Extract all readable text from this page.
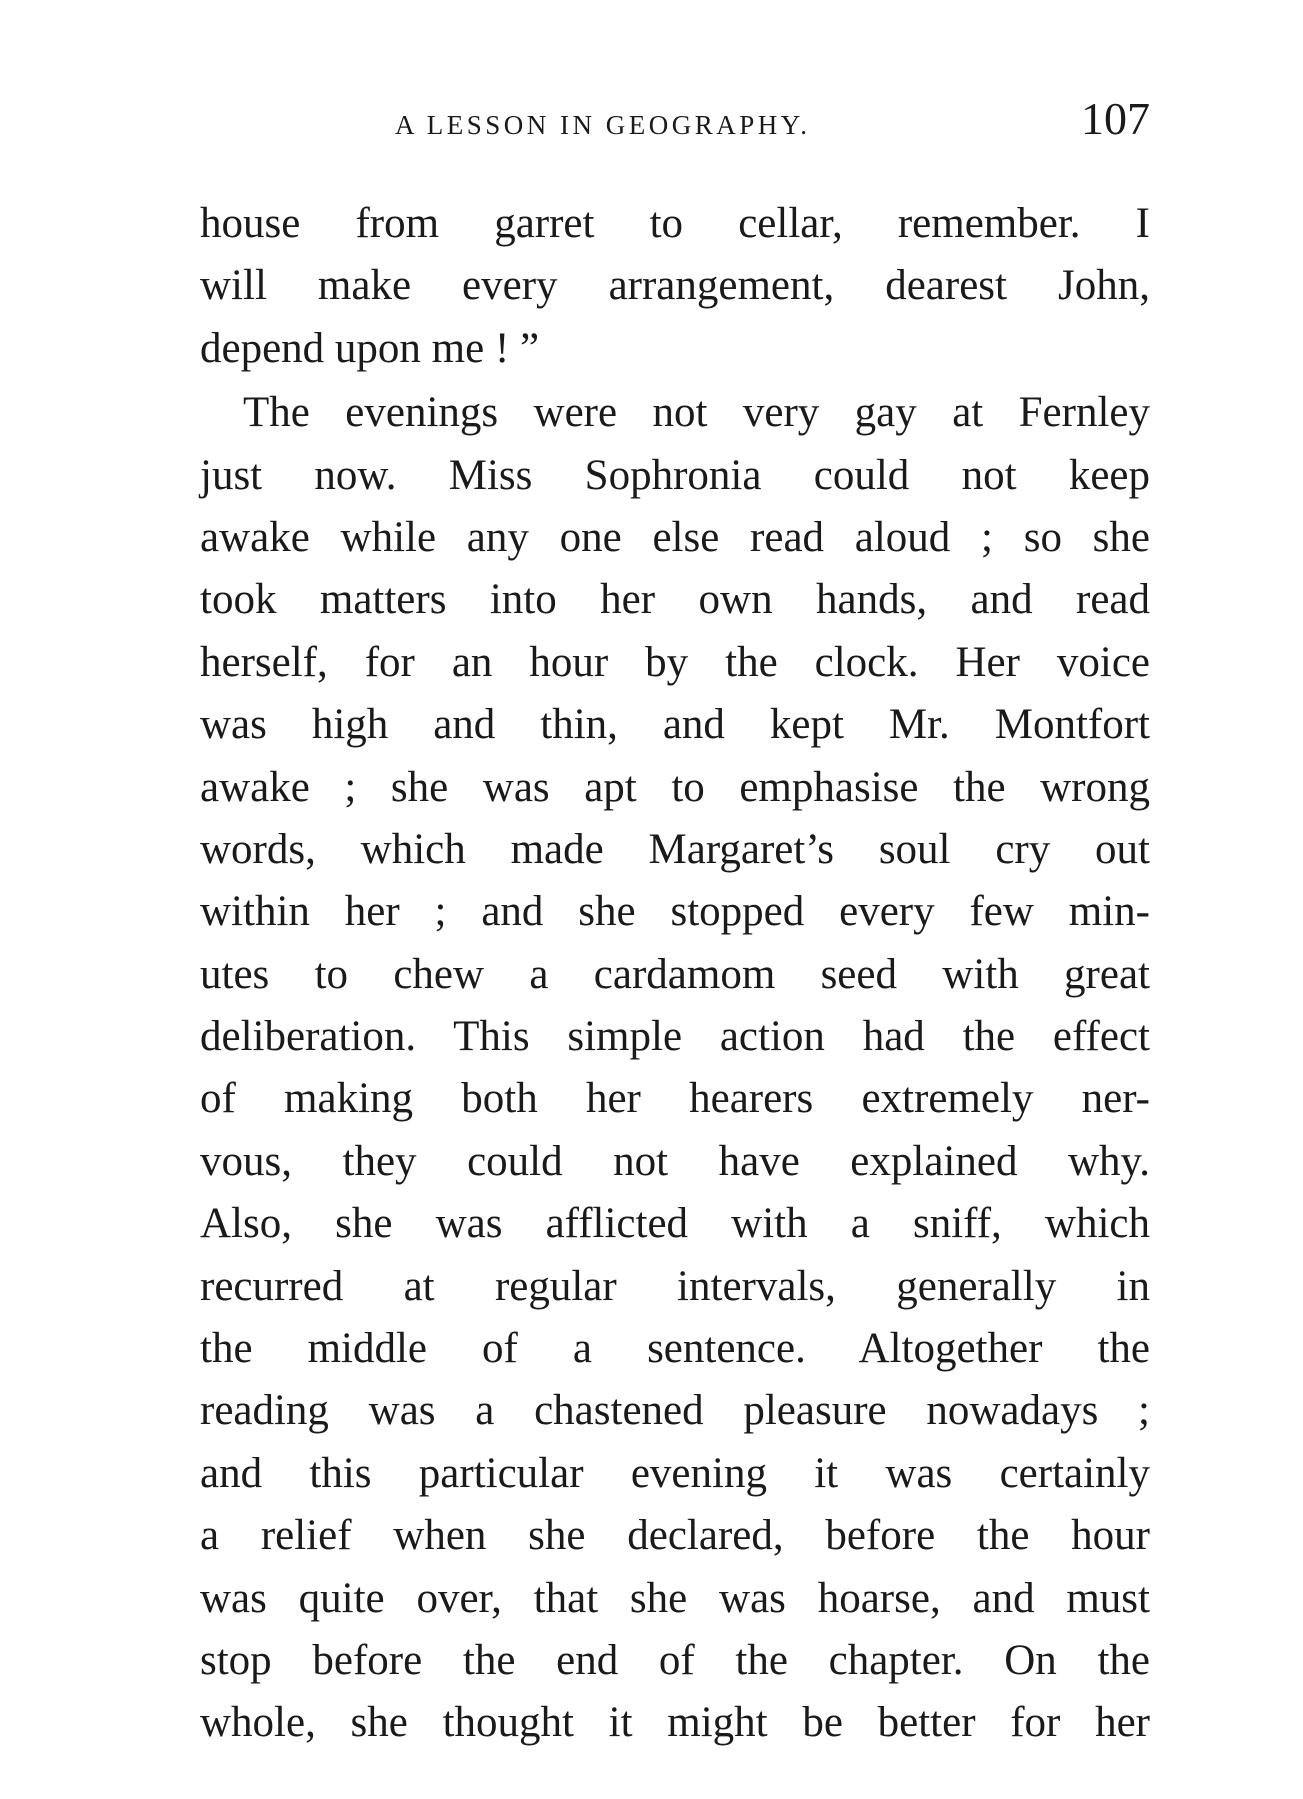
A LESSON IN GEOGRAPHY.	107
house from garret to cellar, remember. I
will make every arrangement, dearest John,
depend upon me ! ”
The evenings were not very gay at Fernley
just now. Miss Sophronia could not keep
awake while any one else read aloud ; so she
took matters into her own hands, and read
herself, for an hour by the clock. Her voice
was high and thin, and kept Mr. Montfort
awake ; she was apt to emphasise the wrong
words, which made Margaret’s soul cry out
within her ; and she stopped every few min-
utes to chew a cardamom seed with great
deliberation. This simple action had the effect
of making both her hearers extremely ner-
vous, they could not have explained why.
Also, she was afflicted with a sniff, which
recurred at regular intervals, generally in
the middle of a sentence. Altogether the
reading was a chastened pleasure nowadays ;
and this particular evening it was certainly
a relief when she declared, before the hour
was quite over, that she was hoarse, and must
stop before the end of the chapter. On the
whole, she thought it might be better for her
